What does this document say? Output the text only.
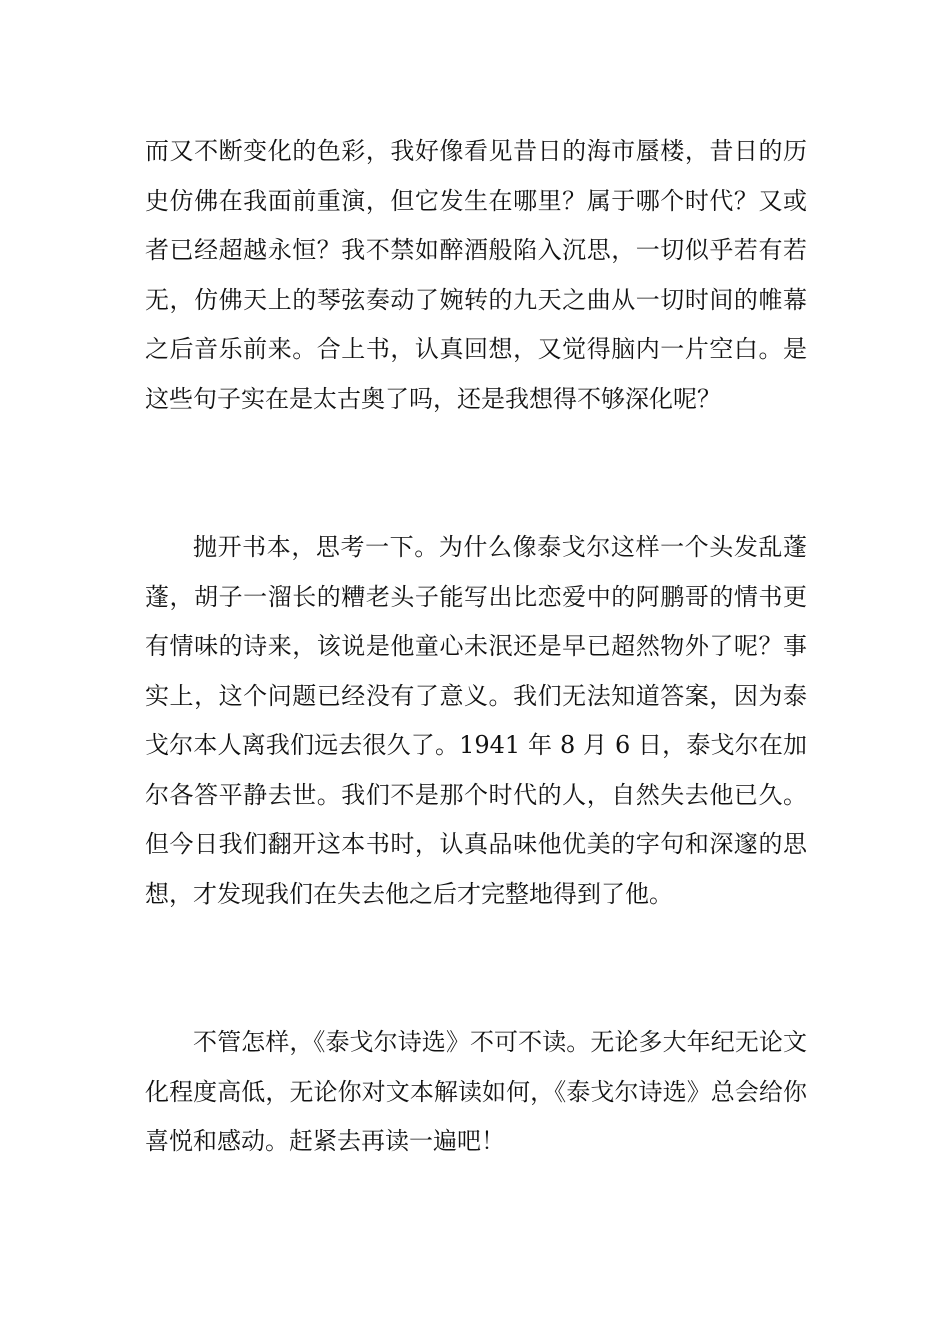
而又不断变化的色彩，我好像看见昔日的海市蜃楼，昔日的历史仿佛在我面前重演，但它发生在哪里？属于哪个时代？又或者已经超越永恒？我不禁如醉酒般陷入沉思，一切似乎若有若无，仿佛天上的琴弦奏动了婉转的九天之曲从一切时间的帷幕之后音乐前来。合上书，认真回想，又觉得脑内一片空白。是这些句子实在是太古奥了吗，还是我想得不够深化呢？

抛开书本，思考一下。为什么像泰戈尔这样一个头发乱蓬蓬，胡子一溜长的糟老头子能写出比恋爱中的阿鹏哥的情书更有情味的诗来，该说是他童心未泯还是早已超然物外了呢？事实上，这个问题已经没有了意义。我们无法知道答案，因为泰戈尔本人离我们远去很久了。1941 年 8 月 6 日，泰戈尔在加尔各答平静去世。我们不是那个时代的人，自然失去他已久。但今日我们翻开这本书时，认真品味他优美的字句和深邃的思想，才发现我们在失去他之后才完整地得到了他。

不管怎样，《泰戈尔诗选》不可不读。无论多大年纪无论文化程度高低，无论你对文本解读如何，《泰戈尔诗选》总会给你喜悦和感动。赶紧去再读一遍吧！
